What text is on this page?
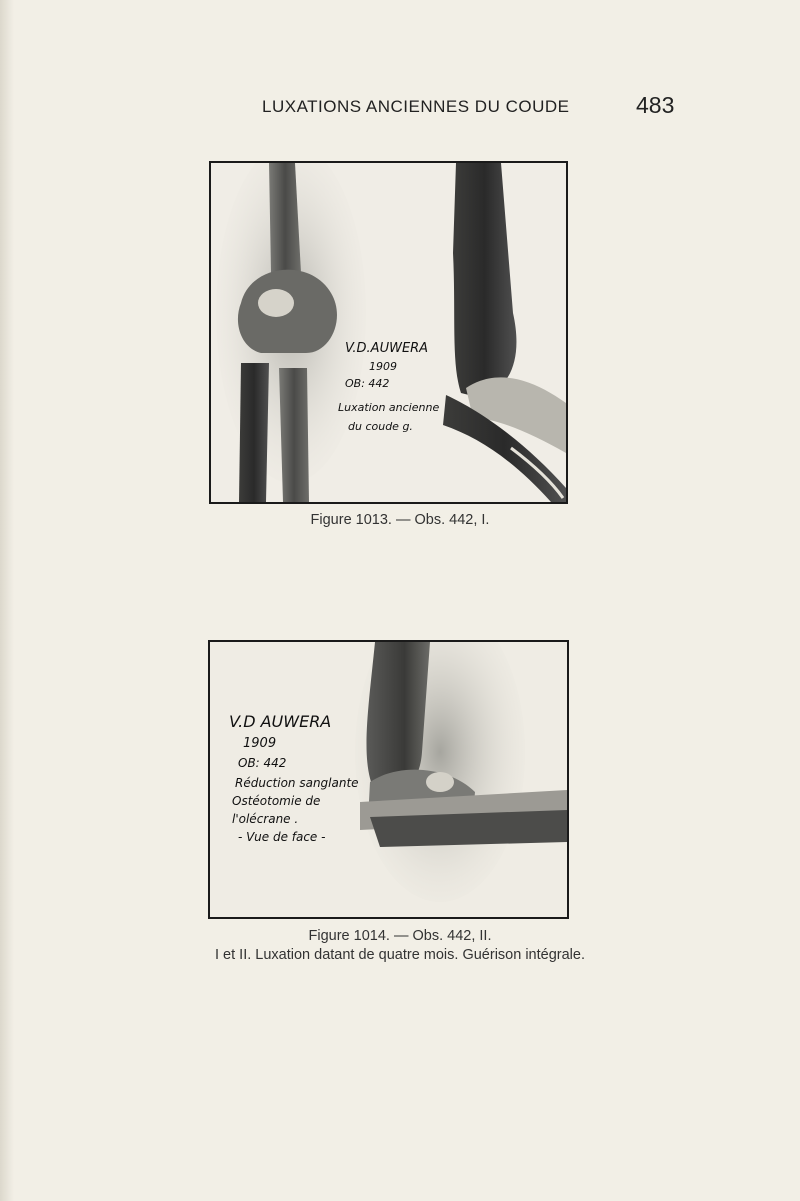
LUXATIONS ANCIENNES DU COUDE	483
V.D.AUWERA
1909
OB: 442
Luxation ancienne
du coude g.
Figure 1013. — Obs. 442, I.
V.D AUWERA
1909
OB: 442
Réduction sanglante
Ostéotomie de
l'olécrane .
- Vue de face -
Figure 1014. — Obs. 442, II.
I et II. Luxation datant de quatre mois. Guérison intégrale.
